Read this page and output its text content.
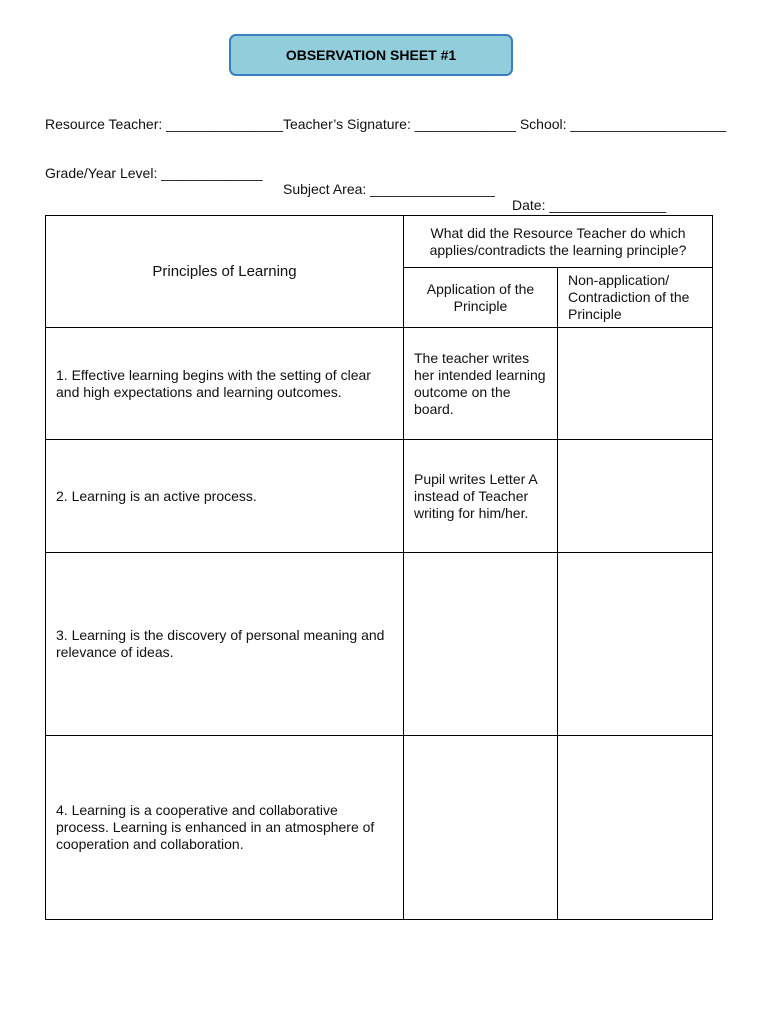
OBSERVATION SHEET #1
Resource Teacher: _______________Teacher’s Signature: _____________ School: ____________________

Grade/Year Level: _____________

Subject Area: ________________

Date: _______________

Principles of Learning	What did the Resource Teacher do which applies/contradicts the learning principle?	
	Application of the Principle	Non-application/ Contradiction of the Principle
1. Effective learning begins with the setting of clear and high expectations and learning outcomes.	The teacher writes her intended learning outcome on the board.	
2. Learning is an active process.	Pupil writes Letter A instead of Teacher writing for him/her.	
3. Learning is the discovery of personal meaning and relevance of ideas.		
4. Learning is a cooperative and collaborative process. Learning is enhanced in an atmosphere of cooperation and collaboration.		
